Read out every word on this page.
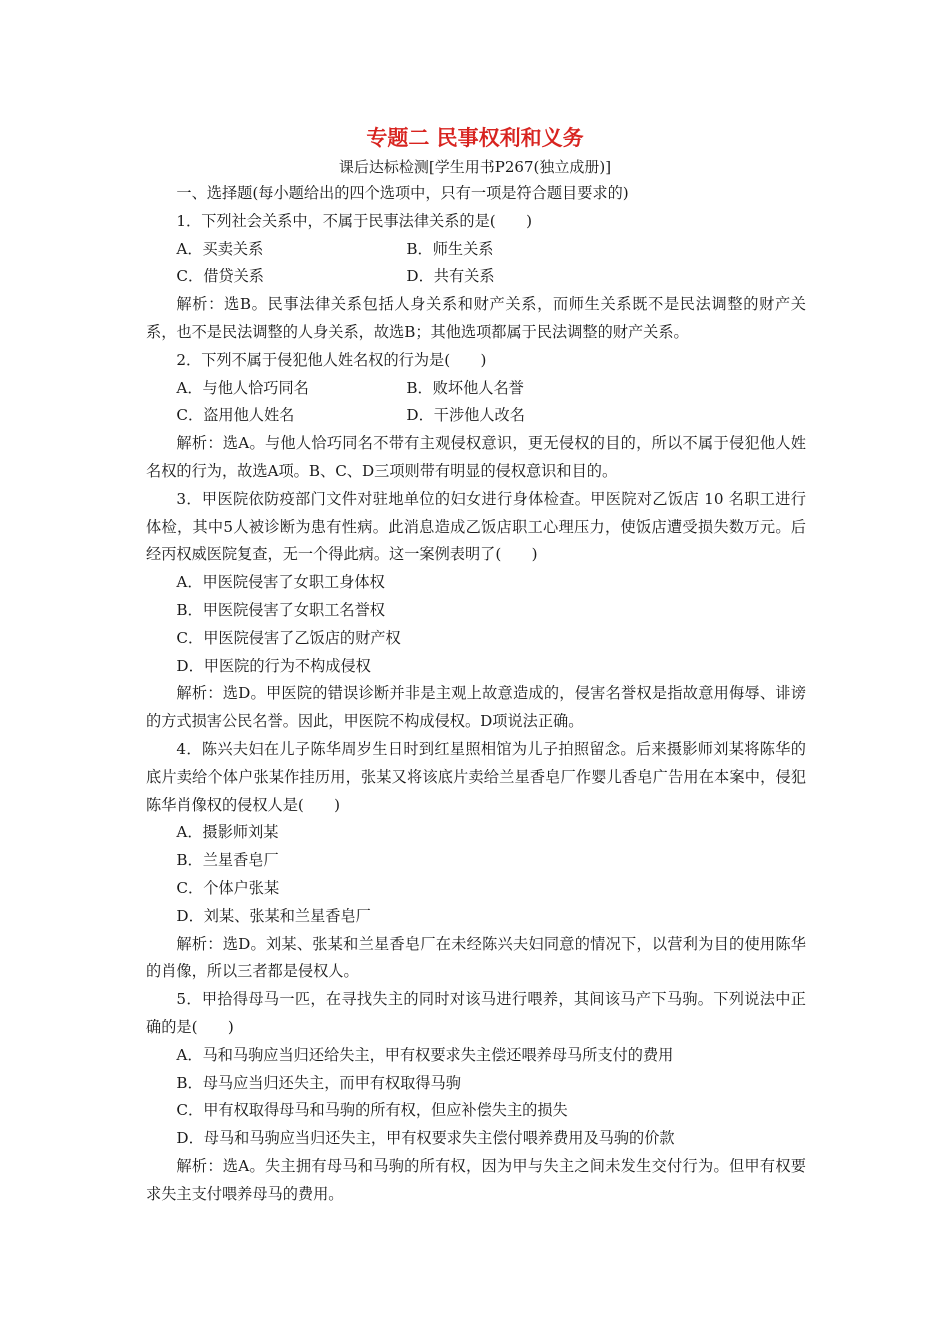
专题二 民事权利和义务

课后达标检测[学生用书P267(独立成册)]

一、选择题(每小题给出的四个选项中，只有一项是符合题目要求的)

1．下列社会关系中，不属于民事法律关系的是(　　)

A．买卖关系	B．师生关系
C．借贷关系	D．共有关系

解析：选B。民事法律关系包括人身关系和财产关系，而师生关系既不是民法调整的财产关系，也不是民法调整的人身关系，故选B；其他选项都属于民法调整的财产关系。

2．下列不属于侵犯他人姓名权的行为是(　　)

A．与他人恰巧同名	B．败坏他人名誉
C．盗用他人姓名	D．干涉他人改名

解析：选A。与他人恰巧同名不带有主观侵权意识，更无侵权的目的，所以不属于侵犯他人姓名权的行为，故选A项。B、C、D三项则带有明显的侵权意识和目的。

3．甲医院依防疫部门文件对驻地单位的妇女进行身体检查。甲医院对乙饭店 10 名职工进行体检，其中5人被诊断为患有性病。此消息造成乙饭店职工心理压力，使饭店遭受损失数万元。后经丙权威医院复查，无一个得此病。这一案例表明了(　　)

A．甲医院侵害了女职工身体权

B．甲医院侵害了女职工名誉权

C．甲医院侵害了乙饭店的财产权

D．甲医院的行为不构成侵权

解析：选D。甲医院的错误诊断并非是主观上故意造成的，侵害名誉权是指故意用侮辱、诽谤的方式损害公民名誉。因此，甲医院不构成侵权。D项说法正确。

4．陈兴夫妇在儿子陈华周岁生日时到红星照相馆为儿子拍照留念。后来摄影师刘某将陈华的底片卖给个体户张某作挂历用，张某又将该底片卖给兰星香皂厂作婴儿香皂广告用在本案中，侵犯陈华肖像权的侵权人是(　　)

A．摄影师刘某

B．兰星香皂厂

C．个体户张某

D．刘某、张某和兰星香皂厂

解析：选D。刘某、张某和兰星香皂厂在未经陈兴夫妇同意的情况下，以营利为目的使用陈华的肖像，所以三者都是侵权人。

5．甲拾得母马一匹，在寻找失主的同时对该马进行喂养，其间该马产下马驹。下列说法中正确的是(　　)

A．马和马驹应当归还给失主，甲有权要求失主偿还喂养母马所支付的费用

B．母马应当归还失主，而甲有权取得马驹

C．甲有权取得母马和马驹的所有权，但应补偿失主的损失

D．母马和马驹应当归还失主，甲有权要求失主偿付喂养费用及马驹的价款

解析：选A。失主拥有母马和马驹的所有权，因为甲与失主之间未发生交付行为。但甲有权要求失主支付喂养母马的费用。
